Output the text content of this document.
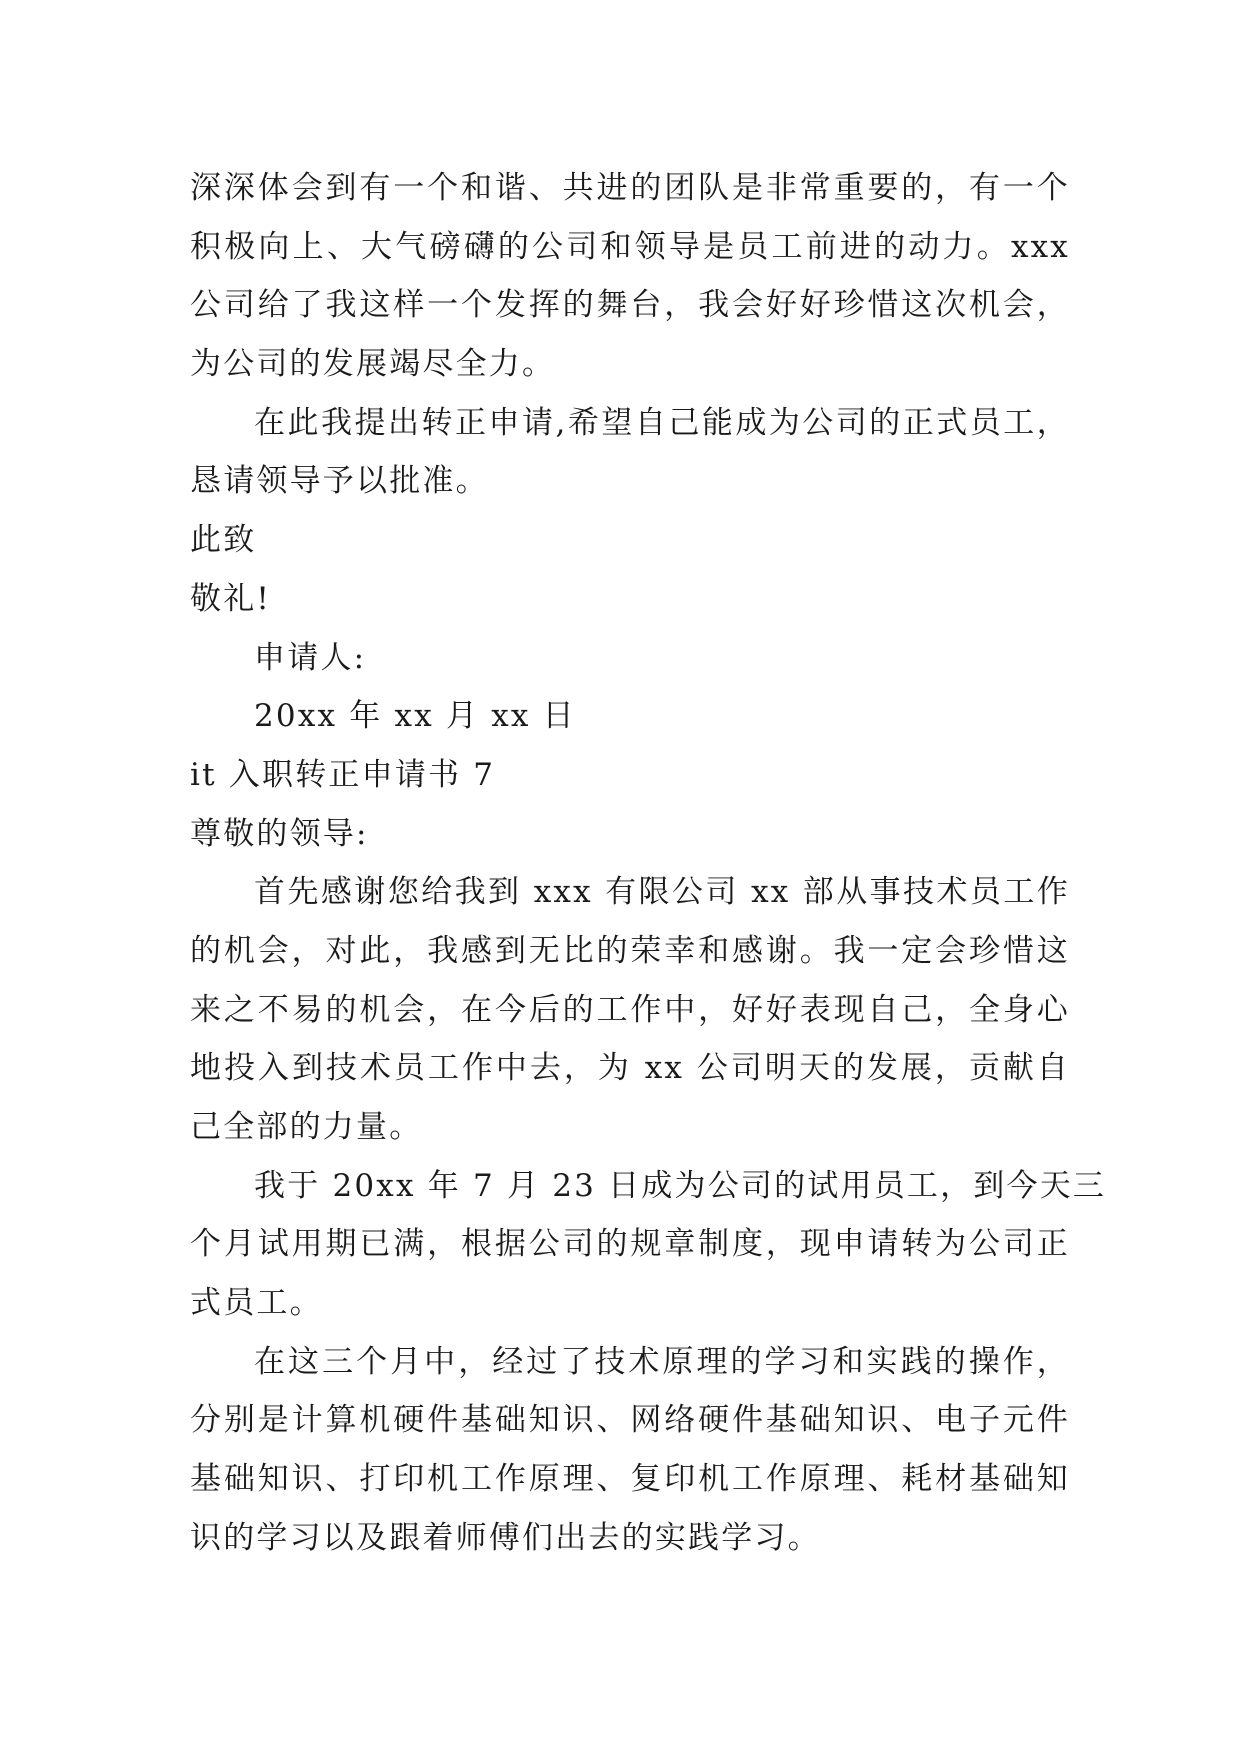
深深体会到有一个和谐、共进的团队是非常重要的，有一个
积极向上、大气磅礴的公司和领导是员工前进的动力。xxx
公司给了我这样一个发挥的舞台，我会好好珍惜这次机会，
为公司的发展竭尽全力。
在此我提出转正申请,希望自己能成为公司的正式员工，
恳请领导予以批准。
此致
敬礼!
申请人:
20xx 年 xx 月 xx 日
it 入职转正申请书 7
尊敬的领导:
首先感谢您给我到 xxx 有限公司 xx 部从事技术员工作
的机会，对此，我感到无比的荣幸和感谢。我一定会珍惜这
来之不易的机会，在今后的工作中，好好表现自己，全身心
地投入到技术员工作中去，为 xx 公司明天的发展，贡献自
己全部的力量。
我于 20xx 年 7 月 23 日成为公司的试用员工，到今天三
个月试用期已满，根据公司的规章制度，现申请转为公司正
式员工。
在这三个月中，经过了技术原理的学习和实践的操作，
分别是计算机硬件基础知识、网络硬件基础知识、电子元件
基础知识、打印机工作原理、复印机工作原理、耗材基础知
识的学习以及跟着师傅们出去的实践学习。
